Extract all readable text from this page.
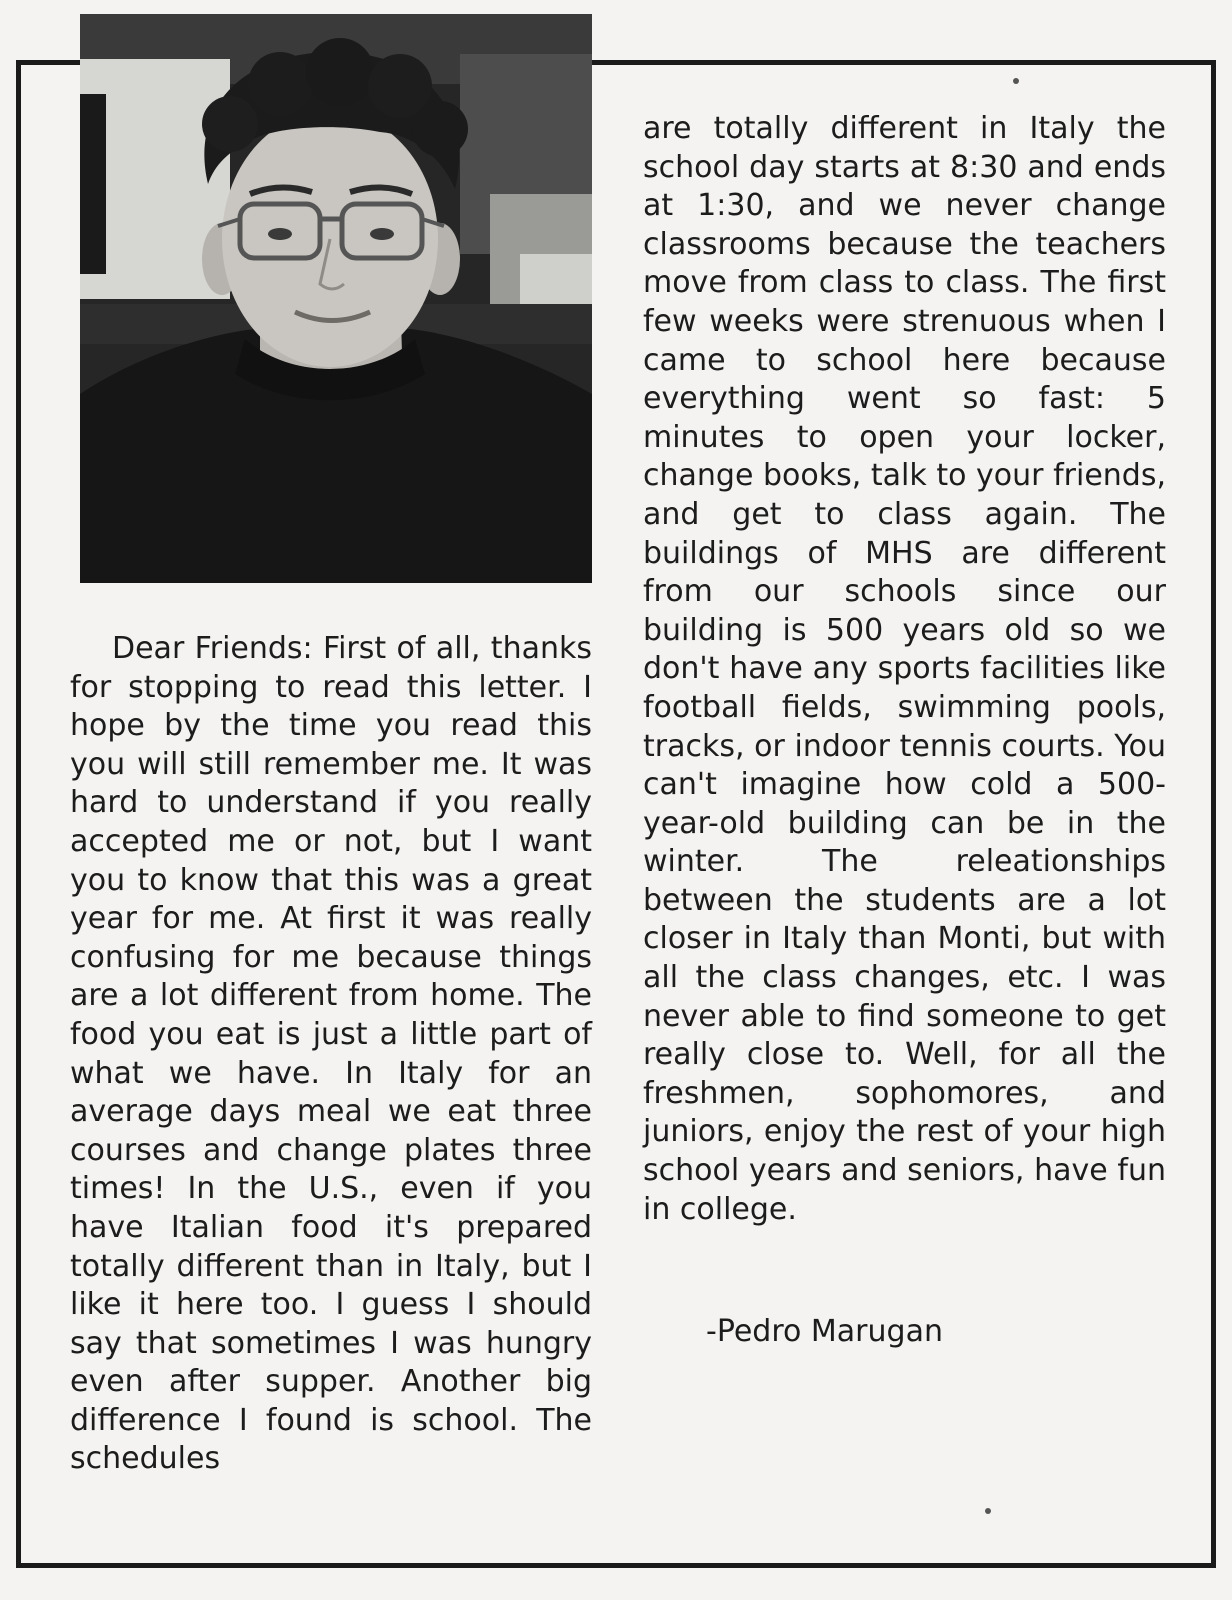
Dear Friends: First of all, thanks for stopping to read this letter. I hope by the time you read this you will still remember me. It was hard to understand if you really accepted me or not, but I want you to know that this was a great year for me. At first it was really confusing for me because things are a lot different from home. The food you eat is just a little part of what we have. In Italy for an average days meal we eat three courses and change plates three times! In the U.S., even if you have Italian food it's prepared totally different than in Italy, but I like it here too. I guess I should say that sometimes I was hungry even after supper. Another big difference I found is school. The schedules

are totally different in Italy the school day starts at 8:30 and ends at 1:30, and we never change classrooms because the teachers move from class to class. The first few weeks were strenuous when I came to school here because everything went so fast: 5 minutes to open your locker, change books, talk to your friends, and get to class again. The buildings of MHS are different from our schools since our building is 500 years old so we don't have any sports facilities like football fields, swimming pools, tracks, or indoor tennis courts. You can't imagine how cold a 500-year-old building can be in the winter. The releationships between the students are a lot closer in Italy than Monti, but with all the class changes, etc. I was never able to find someone to get really close to. Well, for all the freshmen, sophomores, and juniors, enjoy the rest of your high school years and seniors, have fun in college.

-Pedro Marugan
